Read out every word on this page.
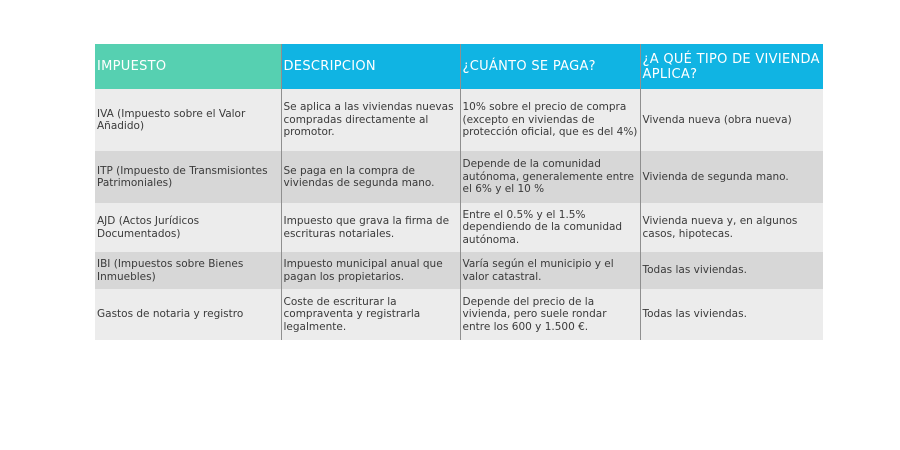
IMPUESTO	DESCRIPCION	¿CUÁNTO SE PAGA?	¿A QUÉ TIPO DE VIVIENDA APLICA?
IVA (Impuesto sobre el Valor Añadido)	Se aplica a las viviendas nuevas compradas directamente al promotor.	10% sobre el precio de compra (excepto en viviendas de protección oficial, que es del 4%)	Vivenda nueva (obra nueva)
ITP (Impuesto de Transmisiontes Patrimoniales)	Se paga en la compra de viviendas de segunda mano.	Depende de la comunidad autónoma, generalemente entre el 6% y el 10 %	Vivienda de segunda mano.
AJD (Actos Jurídicos Documentados)	Impuesto que grava la firma de escrituras notariales.	Entre el 0.5% y el 1.5% dependiendo de la comunidad autónoma.	Vivienda nueva y, en algunos casos, hipotecas.
IBI (Impuestos sobre Bienes Inmuebles)	Impuesto municipal anual que pagan los propietarios.	Varía según el municipio y el valor catastral.	Todas las viviendas.
Gastos de notaria y registro	Coste de escriturar la compraventa y registrarla legalmente.	Depende del precio de la vivienda, pero suele rondar entre los 600 y 1.500 €.	Todas las viviendas.
